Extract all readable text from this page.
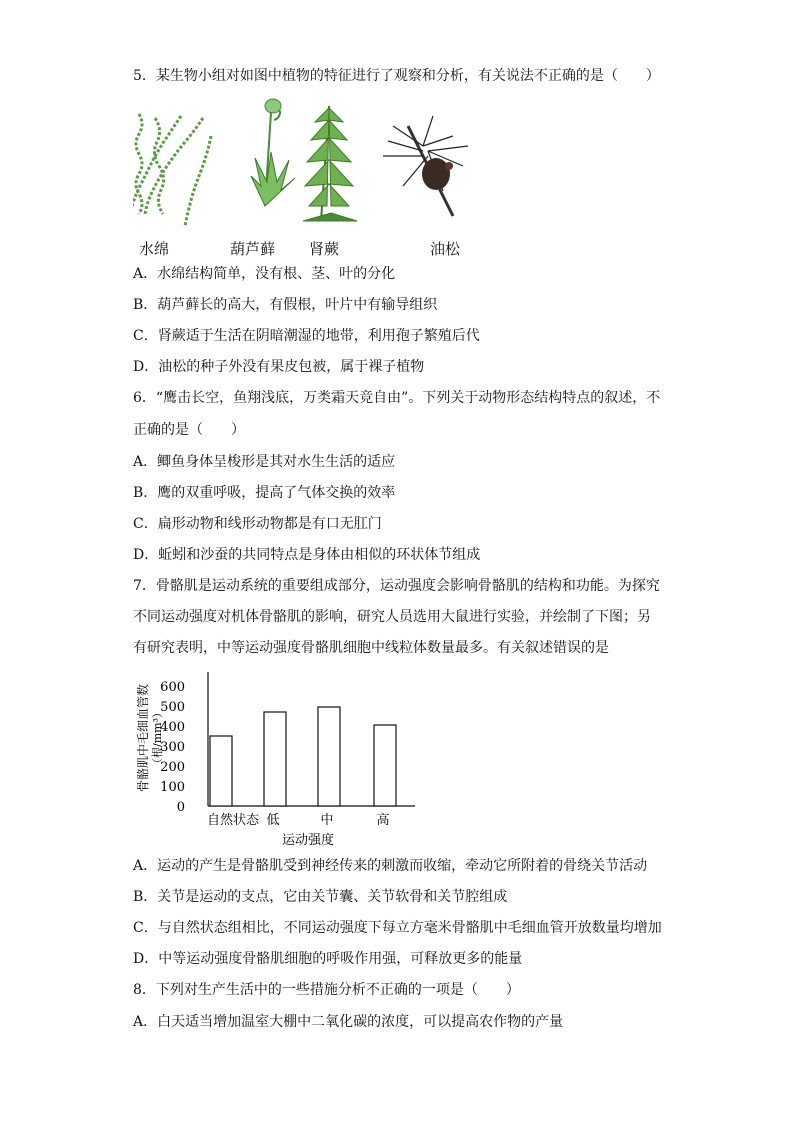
5．某生物小组对如图中植物的特征进行了观察和分析，有关说法不正确的是（　　）
水绵	葫芦藓 肾蕨	油松
A．水绵结构简单，没有根、茎、叶的分化
B．葫芦藓长的高大，有假根，叶片中有输导组织
C．肾蕨适于生活在阴暗潮湿的地带，利用孢子繁殖后代
D．油松的种子外没有果皮包被，属于裸子植物
6．“鹰击长空，鱼翔浅底，万类霜天竞自由”。下列关于动物形态结构特点的叙述，不
正确的是（　　）
A．鲫鱼身体呈梭形是其对水生生活的适应
B．鹰的双重呼吸，提高了气体交换的效率
C．扁形动物和线形动物都是有口无肛门
D．蚯蚓和沙蚕的共同特点是身体由相似的环状体节组成
7．骨骼肌是运动系统的重要组成部分，运动强度会影响骨骼肌的结构和功能。为探究
不同运动强度对机体骨骼肌的影响，研究人员选用大鼠进行实验，并绘制了下图；另
有研究表明，中等运动强度骨骼肌细胞中线粒体数量最多。有关叙述错误的是
600
500
400
300
200
100
0
骨骼肌中毛细血管数 （根/mm³）
自然状态 低	中	高
运动强度
A．运动的产生是骨骼肌受到神经传来的刺激而收缩，牵动它所附着的骨绕关节活动
B．关节是运动的支点，它由关节囊、关节软骨和关节腔组成
C．与自然状态组相比，不同运动强度下每立方毫米骨骼肌中毛细血管开放数量均增加
D．中等运动强度骨骼肌细胞的呼吸作用强，可释放更多的能量
8．下列对生产生活中的一些措施分析不正确的一项是（　　）
A．白天适当增加温室大棚中二氧化碳的浓度，可以提高农作物的产量
